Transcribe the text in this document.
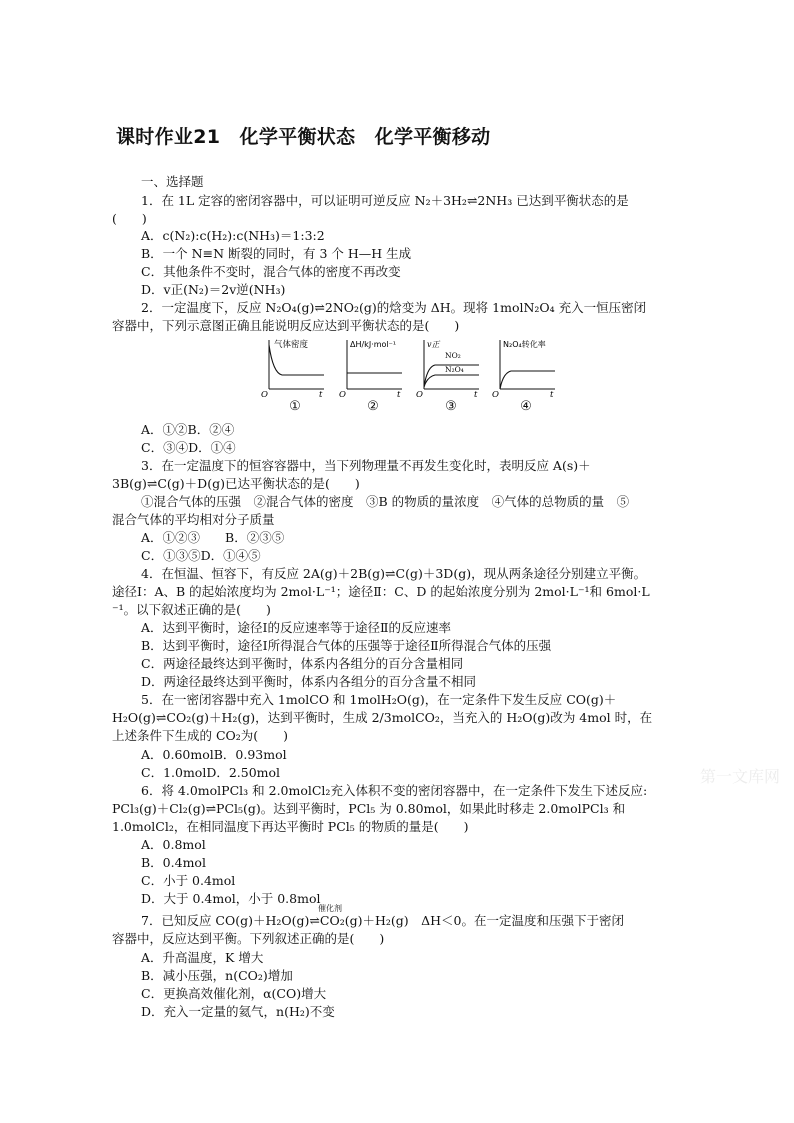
课时作业21　化学平衡状态　化学平衡移动
一、选择题
1．在 1L 定容的密闭容器中，可以证明可逆反应 N₂＋3H₂⇌2NH₃ 已达到平衡状态的是
(　　)
A．c(N₂):c(H₂):c(NH₃)＝1:3:2
B．一个 N≡N 断裂的同时，有 3 个 H—H 生成
C．其他条件不变时，混合气体的密度不再改变
D．v正(N₂)＝2v逆(NH₃)
2．一定温度下，反应 N₂O₄(g)⇌2NO₂(g)的焓变为 ΔH。现将 1molN₂O₄ 充入一恒压密闭
容器中，下列示意图正确且能说明反应达到平衡状态的是(　　)
气体密度
O	t
①
ΔH/kJ·mol⁻¹
O	t
②
v正
NO₂
N₂O₄
O	t
③
N₂O₄转化率
O	t
④
A．①②B．②④
C．③④D．①④
3．在一定温度下的恒容容器中，当下列物理量不再发生变化时，表明反应 A(s)＋
3B(g)⇌C(g)＋D(g)已达平衡状态的是(　　)
①混合气体的压强　②混合气体的密度　③B 的物质的量浓度　④气体的总物质的量　⑤
混合气体的平均相对分子质量
A．①②③　　B．②③⑤
C．①③⑤D．①④⑤
4．在恒温、恒容下，有反应 2A(g)＋2B(g)⇌C(g)＋3D(g)，现从两条途径分别建立平衡。
途径Ⅰ：A、B 的起始浓度均为 2mol·L⁻¹；途径Ⅱ：C、D 的起始浓度分别为 2mol·L⁻¹和 6mol·L
⁻¹。以下叙述正确的是(　　)
A．达到平衡时，途径Ⅰ的反应速率等于途径Ⅱ的反应速率
B．达到平衡时，途径Ⅰ所得混合气体的压强等于途径Ⅱ所得混合气体的压强
C．两途径最终达到平衡时，体系内各组分的百分含量相同
D．两途径最终达到平衡时，体系内各组分的百分含量不相同
5．在一密闭容器中充入 1molCO 和 1molH₂O(g)，在一定条件下发生反应 CO(g)＋
H₂O(g)⇌CO₂(g)＋H₂(g)，达到平衡时，生成 2/3molCO₂，当充入的 H₂O(g)改为 4mol 时，在
上述条件下生成的 CO₂为(　　)
A．0.60molB．0.93mol
C．1.0molD．2.50mol	第一文库网
6．将 4.0molPCl₃ 和 2.0molCl₂充入体积不变的密闭容器中，在一定条件下发生下述反应:
PCl₃(g)＋Cl₂(g)⇌PCl₅(g)。达到平衡时，PCl₅ 为 0.80mol，如果此时移走 2.0molPCl₃ 和
1.0molCl₂，在相同温度下再达平衡时 PCl₅ 的物质的量是(　　)
A．0.8mol
B．0.4mol
C．小于 0.4mol
D．大于 0.4mol，小于 0.8mol
催化剂
7．已知反应 CO(g)＋H₂O(g)⇌CO₂(g)＋H₂(g)　ΔH＜0。在一定温度和压强下于密闭
容器中，反应达到平衡。下列叙述正确的是(　　)
A．升高温度，K 增大
B．减小压强，n(CO₂)增加
C．更换高效催化剂，α(CO)增大
D．充入一定量的氦气，n(H₂)不变
